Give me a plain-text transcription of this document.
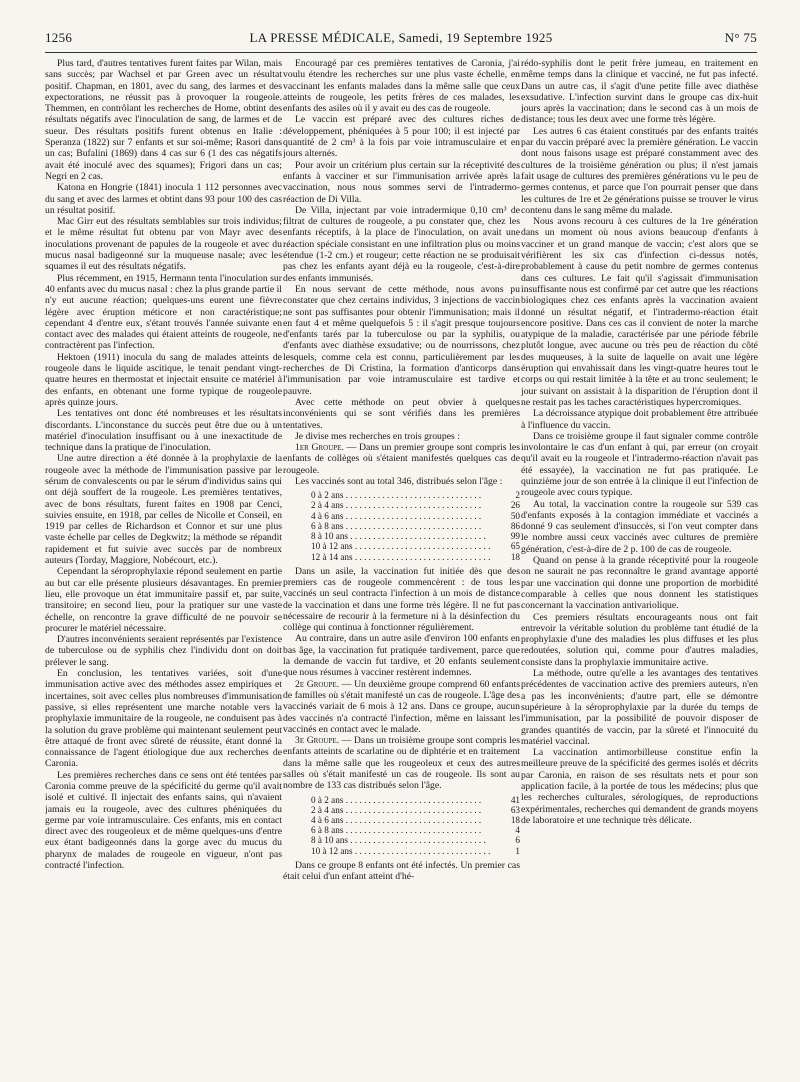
1256	LA PRESSE MÉDICALE, Samedi, 19 Septembre 1925	N° 75

Plus tard, d'autres tentatives furent faites par Wilan, mais sans succès; par Wachsel et par Green avec un résultat positif. Chapman, en 1801, avec du sang, des larmes et des expectorations, ne réussit pas à provoquer la rougeole. Themmen, en contrôlant les recherches de Home, obtint des résultats négatifs avec l'inoculation de sang, de larmes et de sueur. Des résultats positifs furent obtenus en Italie : Speranza (1822) sur 7 enfants et sur soi-même; Rasori dans un cas; Bufalini (1869) dans 4 cas sur 6 (1 des cas négatifs avait été inoculé avec des squames); Frigori dans un cas; Negri en 2 cas.

Katona en Hongrie (1841) inocula 1 112 personnes avec du sang et avec des larmes et obtint dans 93 pour 100 des cas un résultat positif.

Mac Girr eut des résultats semblables sur trois individus; et le même résultat fut obtenu par von Mayr avec des inoculations provenant de papules de la rougeole et avec du mucus nasal badigeonné sur la muqueuse nasale; avec les squames il eut des résultats négatifs.

Plus récemment, en 1915, Hermann tenta l'inoculation sur 40 enfants avec du mucus nasal : chez la plus grande partie il n'y eut aucune réaction; quelques-uns eurent une fièvre légère avec éruption méticore et non caractéristique; cependant 4 d'entre eux, s'étant trouvés l'année suivante en contact avec des malades qui étaient atteints de rougeole, ne contractèrent pas l'infection.

Hektoen (1911) inocula du sang de malades atteints de rougeole dans le liquide ascitique, le tenait pendant vingt-quatre heures en thermostat et injectait ensuite ce matériel à des enfants, en obtenant une forme typique de rougeole après quinze jours.

Les tentatives ont donc été nombreuses et les résultats discordants. L'inconstance du succès peut être due ou à un matériel d'inoculation insuffisant ou à une inexactitude de technique dans la pratique de l'inoculation.

Une autre direction a été donnée à la prophylaxie de la rougeole avec la méthode de l'immunisation passive par le sérum de convalescents ou par le sérum d'individus sains qui ont déjà souffert de la rougeole. Les premières tentatives, avec de bons résultats, furent faites en 1908 par Cenci, suivies ensuite, en 1918, par celles de Nicolle et Conseil, en 1919 par celles de Richardson et Connor et sur une plus vaste échelle par celles de Degkwitz; la méthode se répandit rapidement et fut suivie avec succès par de nombreux auteurs (Torday, Maggiore, Nobécourt, etc.).

Cependant la séroprophylaxie répond seulement en partie au but car elle présente plusieurs désavantages. En premier lieu, elle provoque un état immunitaire passif et, par suite, transitoire; en second lieu, pour la pratiquer sur une vaste échelle, on rencontre la grave difficulté de ne pouvoir se procurer le matériel nécessaire.

D'autres inconvénients seraient représentés par l'existence de tuberculose ou de syphilis chez l'individu dont on doit prélever le sang.

En conclusion, les tentatives variées, soit d'une immunisation active avec des méthodes assez empiriques et incertaines, soit avec celles plus nombreuses d'immunisation passive, si elles représentent une marche notable vers la prophylaxie immunitaire de la rougeole, ne conduisent pas à la solution du grave problème qui maintenant seulement peut être attaqué de front avec sûreté de réussite, étant donné la connaissance de l'agent étiologique due aux recherches de Caronia.

Les premières recherches dans ce sens ont été tentées par Caronia comme preuve de la spécificité du germe qu'il avait isolé et cultivé. Il injectait des enfants sains, qui n'avaient jamais eu la rougeole, avec des cultures phéniquées du germe par voie intramusculaire. Ces enfants, mis en contact direct avec des rougeoleux et de même quelques-uns d'entre eux étant badigeonnés dans la gorge avec du mucus du pharynx de malades de rougeole en vigueur, n'ont pas contracté l'infection.

Encouragé par ces premières tentatives de Caronia, j'ai voulu étendre les recherches sur une plus vaste échelle, en vaccinant les enfants malades dans la même salle que ceux atteints de rougeole, les petits frères de ces malades, les enfants des asiles où il y avait eu des cas de rougeole.

Le vaccin est préparé avec des cultures riches de développement, phéniquées à 5 pour 100; il est injecté par quantité de 2 cm³ à la fois par voie intramusculaire et en jours alternés.

Pour avoir un critérium plus certain sur la réceptivité des enfants à vacciner et sur l'immunisation arrivée après la vaccination, nous nous sommes servi de l'intradermo-réaction de Di Villa.

De Villa, injectant par voie intradermique 0,10 cm³ de filtrat de cultures de rougeole, a pu constater que, chez les enfants réceptifs, à la place de l'inoculation, on avait une réaction spéciale consistant en une infiltration plus ou moins étendue (1-2 cm.) et rougeur; cette réaction ne se produisait pas chez les enfants ayant déjà eu la rougeole, c'est-à-dire des enfants immunisés.

En nous servant de cette méthode, nous avons pu constater que chez certains individus, 3 injections de vaccin ne sont pas suffisantes pour obtenir l'immunisation; mais il en faut 4 et même quelquefois 5 : il s'agit presque toujours d'enfants tarés par la tuberculose ou par la syphilis, ou d'enfants avec diathèse exsudative; ou de nourrissons, chez lesquels, comme cela est connu, particulièrement par les recherches de Di Cristina, la formation d'anticorps dans l'immunisation par voie intramusculaire est tardive et pauvre.

Avec cette méthode on peut obvier à quelques inconvénients qui se sont vérifiés dans les premières tentatives.

Je divise mes recherches en trois groupes :

1er Groupe. — Dans un premier groupe sont compris les enfants de collèges où s'étaient manifestés quelques cas de rougeole.

Les vaccinés sont au total 346, distribués selon l'âge :

0 à 2 ans . . . . . . . . . . . . . . . . . . . . . . . . . . . . . .	2
2 à 4 ans . . . . . . . . . . . . . . . . . . . . . . . . . . . . . .	26
4 à 6 ans . . . . . . . . . . . . . . . . . . . . . . . . . . . . . .	50
6 à 8 ans . . . . . . . . . . . . . . . . . . . . . . . . . . . . . .	86
8 à 10 ans . . . . . . . . . . . . . . . . . . . . . . . . . . . . . .	99
10 à 12 ans . . . . . . . . . . . . . . . . . . . . . . . . . . . . . .	65
12 à 14 ans . . . . . . . . . . . . . . . . . . . . . . . . . . . . . .	18

Dans un asile, la vaccination fut initiée dès que des premiers cas de rougeole commencèrent : de tous les vaccinés un seul contracta l'infection à un mois de distance de la vaccination et dans une forme très légère. Il ne fut pas nécessaire de recourir à la fermeture ni à la désinfection du collège qui continua à fonctionner régulièrement.

Au contraire, dans un autre asile d'environ 100 enfants en bas âge, la vaccination fut pratiquée tardivement, parce que la demande de vaccin fut tardive, et 20 enfants seulement que nous résumes à vacciner restèrent indemnes.

2e Groupe. — Un deuxième groupe comprend 60 enfants de familles où s'était manifesté un cas de rougeole. L'âge des vaccinés variait de 6 mois à 12 ans. Dans ce groupe, aucun des vaccinés n'a contracté l'infection, même en laissant les vaccinés en contact avec le malade.

3e Groupe. — Dans un troisième groupe sont compris les enfants atteints de scarlatine ou de diphtérie et en traitement dans la même salle que les rougeoleux et ceux des autres salles où s'était manifesté un cas de rougeole. Ils sont au nombre de 133 cas distribués selon l'âge.

0 à 2 ans . . . . . . . . . . . . . . . . . . . . . . . . . . . . . .	41
2 à 4 ans . . . . . . . . . . . . . . . . . . . . . . . . . . . . . .	63
4 à 6 ans . . . . . . . . . . . . . . . . . . . . . . . . . . . . . .	18
6 à 8 ans . . . . . . . . . . . . . . . . . . . . . . . . . . . . . .	4
8 à 10 ans . . . . . . . . . . . . . . . . . . . . . . . . . . . . . .	6
10 à 12 ans . . . . . . . . . . . . . . . . . . . . . . . . . . . . . .	1

Dans ce groupe 8 enfants ont été infectés. Un premier cas était celui d'un enfant atteint d'hé-

rédo-syphilis dont le petit frère jumeau, en traitement en même temps dans la clinique et vacciné, ne fut pas infecté. Dans un autre cas, il s'agit d'une petite fille avec diathèse exsudative. L'infection survint dans le groupe cas dix-huit jours après la vaccination; dans le second cas à un mois de distance; tous les deux avec une forme très légère.

Les autres 6 cas étaient constitués par des enfants traités par du vaccin préparé avec la première génération. Le vaccin dont nous faisons usage est préparé constamment avec des cultures de la troisième génération ou plus; il n'est jamais fait usage de cultures des premières générations vu le peu de germes contenus, et parce que l'on pourrait penser que dans les cultures de 1re et 2e générations puisse se trouver le virus contenu dans le sang même du malade.

Nous avons recouru à ces cultures de la 1re génération dans un moment où nous avions beaucoup d'enfants à vacciner et un grand manque de vaccin; c'est alors que se vérifièrent les six cas d'infection ci-dessus notés, probablement à cause du petit nombre de germes contenus dans ces cultures. Le fait qu'il s'agissait d'immunisation insuffisante nous est confirmé par cet autre que les réactions biologiques chez ces enfants après la vaccination avaient donné un résultat négatif, et l'intradermo-réaction était encore positive. Dans ces cas il convient de noter la marche atypique de la maladie, caractérisée par une période fébrile plutôt longue, avec aucune ou très peu de réaction du côté des muqueuses, à la suite de laquelle on avait une légère éruption qui envahissait dans les vingt-quatre heures tout le corps ou qui restait limitée à la tête et au tronc seulement; le jour suivant on assistait à la disparition de l'éruption dont il ne restait pas les taches caractéristiques hypercromiques.

La décroissance atypique doit probablement être attribuée à l'influence du vaccin.

Dans ce troisième groupe il faut signaler comme contrôle involontaire le cas d'un enfant à qui, par erreur (on croyait qu'il avait eu la rougeole et l'intradermo-réaction n'avait pas été essayée), la vaccination ne fut pas pratiquée. Le quinzième jour de son entrée à la clinique il eut l'infection de rougeole avec cours typique.

Au total, la vaccination contre la rougeole sur 539 cas d'enfants exposés à la contagion immédiate et vaccinés a donné 9 cas seulement d'insuccès, si l'on veut compter dans le nombre aussi ceux vaccinés avec cultures de première génération, c'est-à-dire de 2 p. 100 de cas de rougeole.

Quand on pense à la grande réceptivité pour la rougeole on ne saurait ne pas reconnaître le grand avantage apporté par une vaccination qui donne une proportion de morbidité comparable à celles que nous donnent les statistiques concernant la vaccination antivariolique.

Ces premiers résultats encourageants nous ont fait entrevoir la véritable solution du problème tant étudié de la prophylaxie d'une des maladies les plus diffuses et les plus redoutées, solution qui, comme pour d'autres maladies, consiste dans la prophylaxie immunitaire active.

La méthode, outre qu'elle a les avantages des tentatives précédentes de vaccination active des premiers auteurs, n'en a pas les inconvénients; d'autre part, elle se démontre supérieure à la séroprophylaxie par la durée du temps de l'immunisation, par la possibilité de pouvoir disposer de grandes quantités de vaccin, par la sûreté et l'innocuité du matériel vaccinal.

La vaccination antimorbilleuse constitue enfin la meilleure preuve de la spécificité des germes isolés et décrits par Caronia, en raison de ses résultats nets et pour son application facile, à la portée de tous les médecins; plus que les recherches culturales, sérologiques, de reproductions expérimentales, recherches qui demandent de grands moyens de laboratoire et une technique très délicate.
